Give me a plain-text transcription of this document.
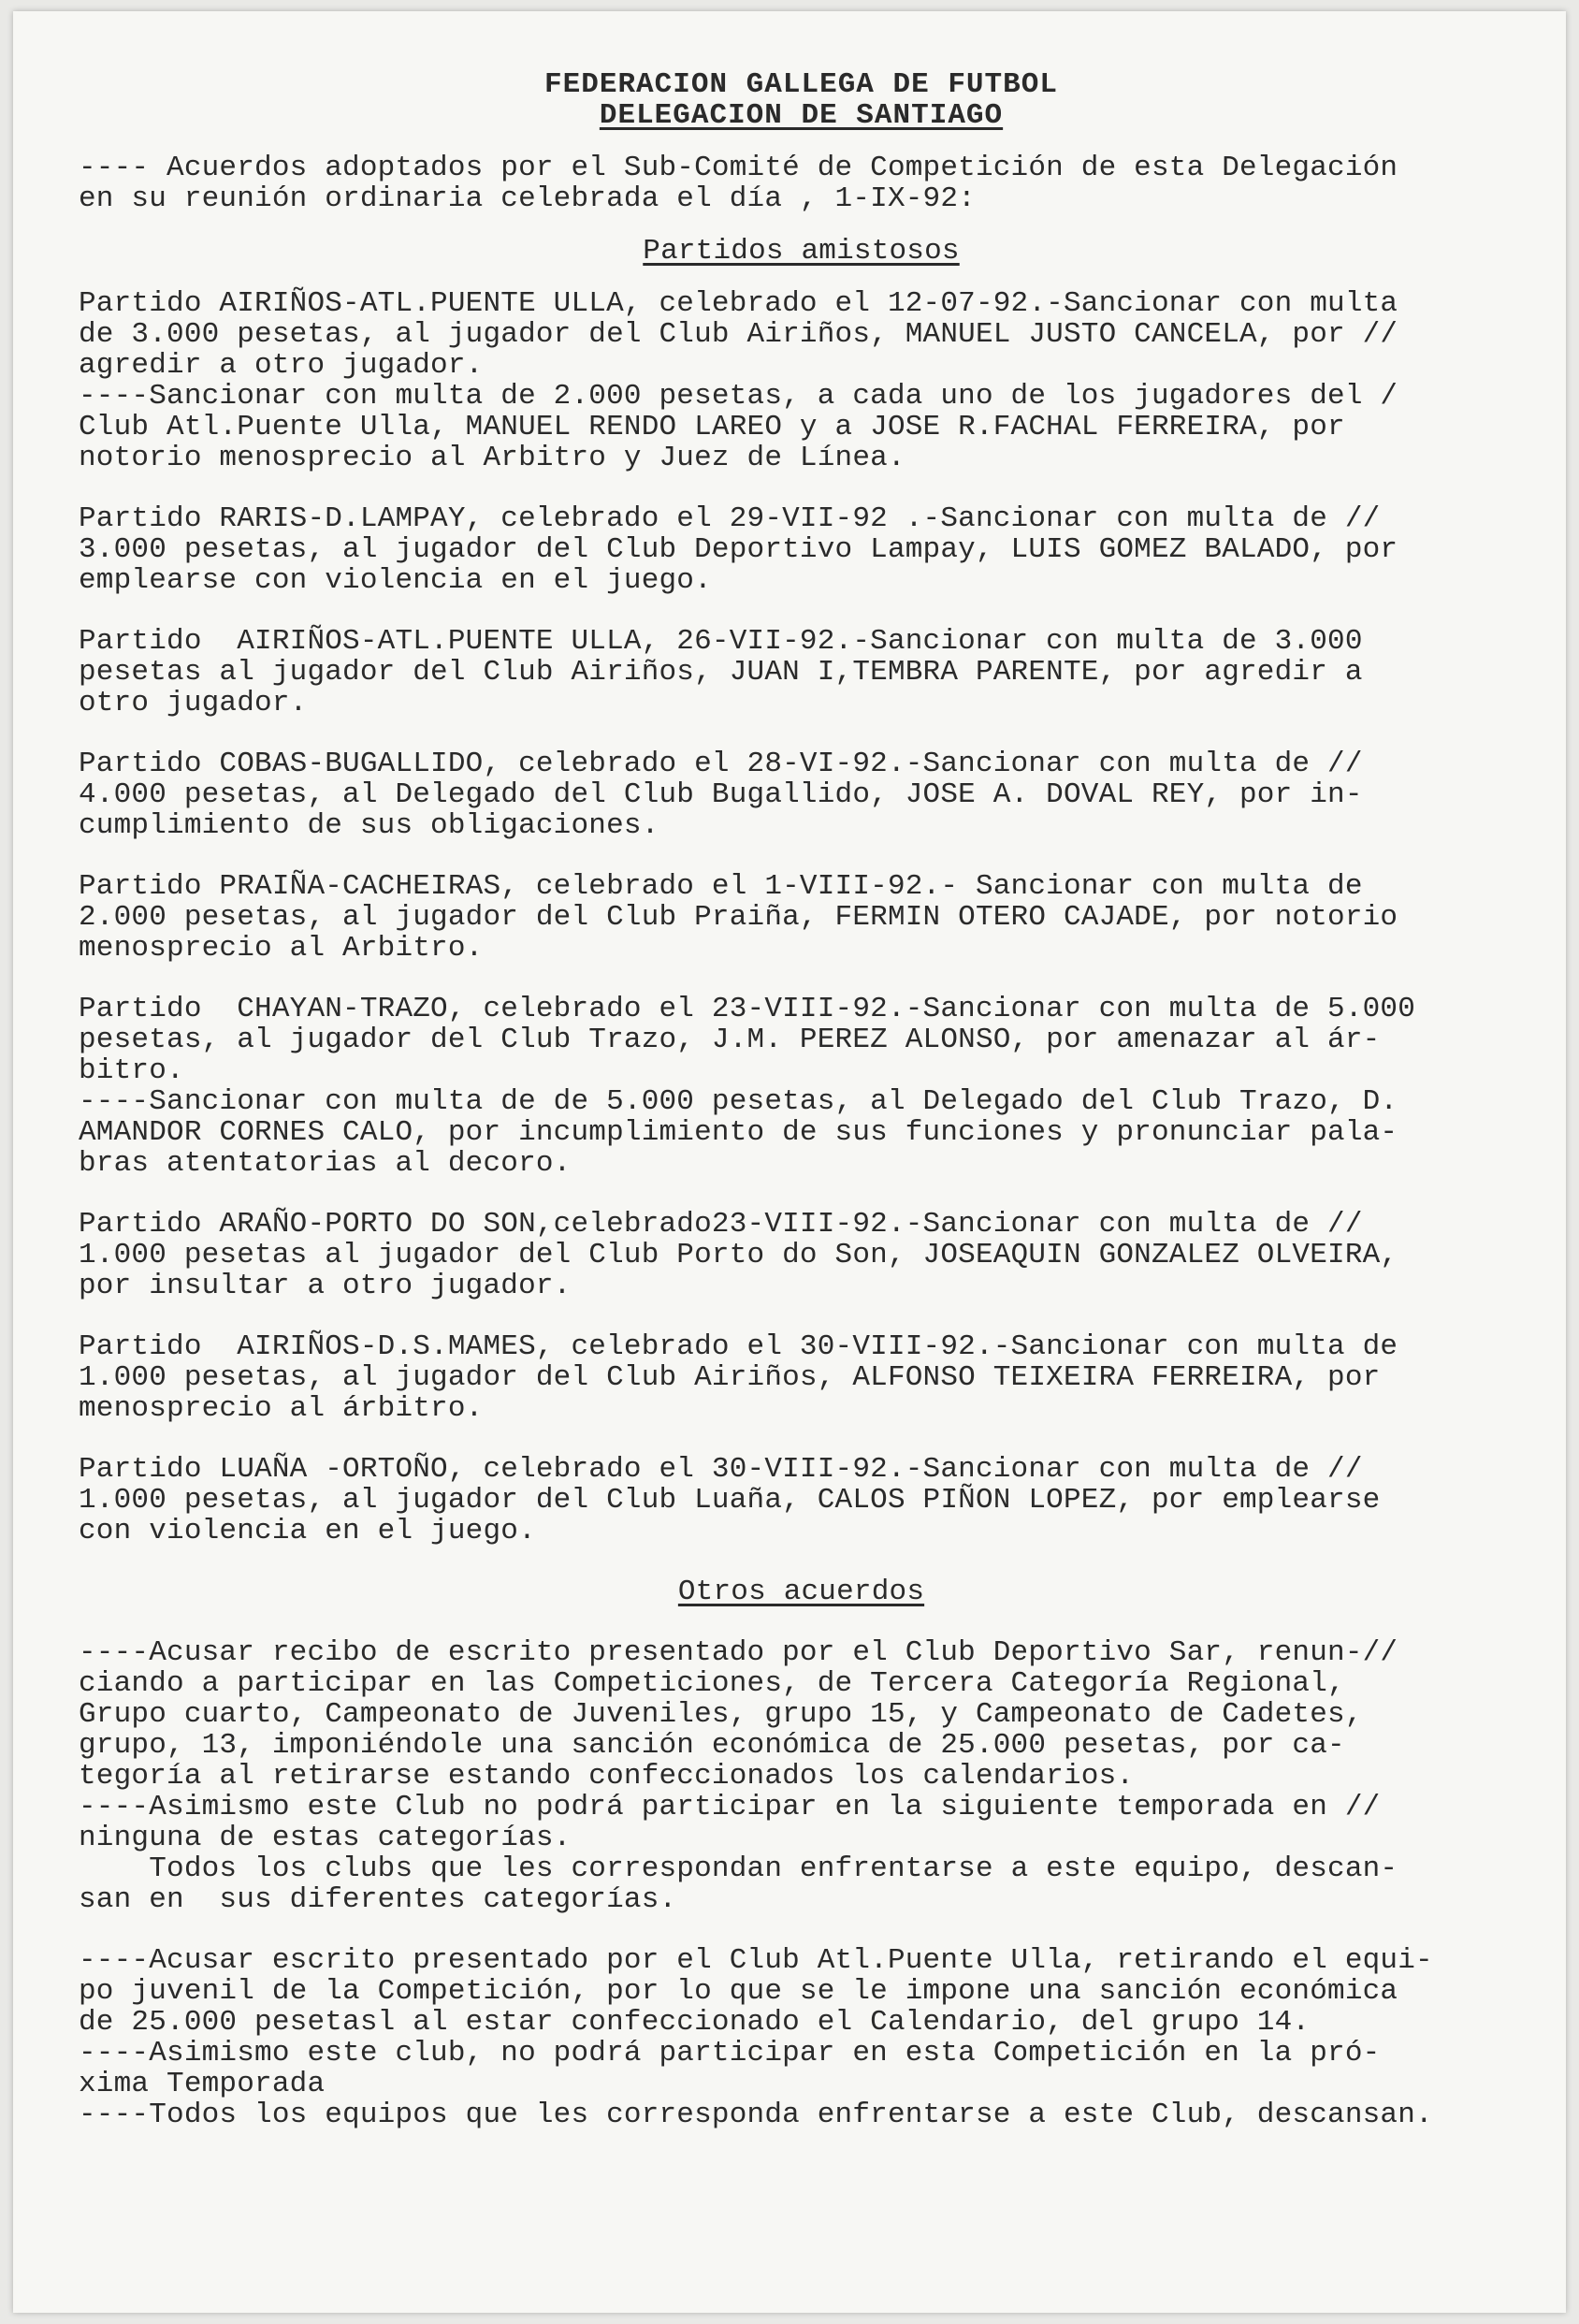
FEDERACION GALLEGA DE FUTBOL
DELEGACION DE SANTIAGO

---- Acuerdos adoptados por el Sub-Comité de Competición de esta Delegación
en su reunión ordinaria celebrada el día , 1-IX-92:

Partidos amistosos

Partido AIRIÑOS-ATL.PUENTE ULLA, celebrado el 12-07-92.-Sancionar con multa
de 3.000 pesetas, al jugador del Club Airiños, MANUEL JUSTO CANCELA, por //
agredir a otro jugador.
----Sancionar con multa de 2.000 pesetas, a cada uno de los jugadores del /
Club Atl.Puente Ulla, MANUEL RENDO LAREO y a JOSE R.FACHAL FERREIRA, por
notorio menosprecio al Arbitro y Juez de Línea.

Partido RARIS-D.LAMPAY, celebrado el 29-VII-92 .-Sancionar con multa de //
3.000 pesetas, al jugador del Club Deportivo Lampay, LUIS GOMEZ BALADO, por
emplearse con violencia en el juego.

Partido  AIRIÑOS-ATL.PUENTE ULLA, 26-VII-92.-Sancionar con multa de 3.000
pesetas al jugador del Club Airiños, JUAN I,TEMBRA PARENTE, por agredir a
otro jugador.

Partido COBAS-BUGALLIDO, celebrado el 28-VI-92.-Sancionar con multa de //
4.000 pesetas, al Delegado del Club Bugallido, JOSE A. DOVAL REY, por in-
cumplimiento de sus obligaciones.

Partido PRAIÑA-CACHEIRAS, celebrado el 1-VIII-92.- Sancionar con multa de
2.000 pesetas, al jugador del Club Praiña, FERMIN OTERO CAJADE, por notorio
menosprecio al Arbitro.

Partido  CHAYAN-TRAZO, celebrado el 23-VIII-92.-Sancionar con multa de 5.000
pesetas, al jugador del Club Trazo, J.M. PEREZ ALONSO, por amenazar al ár-
bitro.
----Sancionar con multa de de 5.000 pesetas, al Delegado del Club Trazo, D.
AMANDOR CORNES CALO, por incumplimiento de sus funciones y pronunciar pala-
bras atentatorias al decoro.

Partido ARAÑO-PORTO DO SON,celebrado23-VIII-92.-Sancionar con multa de //
1.000 pesetas al jugador del Club Porto do Son, JOSEAQUIN GONZALEZ OLVEIRA,
por insultar a otro jugador.

Partido  AIRIÑOS-D.S.MAMES, celebrado el 30-VIII-92.-Sancionar con multa de
1.000 pesetas, al jugador del Club Airiños, ALFONSO TEIXEIRA FERREIRA, por
menosprecio al árbitro.

Partido LUAÑA -ORTOÑO, celebrado el 30-VIII-92.-Sancionar con multa de //
1.000 pesetas, al jugador del Club Luaña, CALOS PIÑON LOPEZ, por emplearse
con violencia en el juego.

Otros acuerdos

----Acusar recibo de escrito presentado por el Club Deportivo Sar, renun-//
ciando a participar en las Competiciones, de Tercera Categoría Regional,
Grupo cuarto, Campeonato de Juveniles, grupo 15, y Campeonato de Cadetes,
grupo, 13, imponiéndole una sanción económica de 25.000 pesetas, por ca-
tegoría al retirarse estando confeccionados los calendarios.
----Asimismo este Club no podrá participar en la siguiente temporada en //
ninguna de estas categorías.
Todos los clubs que les correspondan enfrentarse a este equipo, descan-
san en  sus diferentes categorías.

----Acusar escrito presentado por el Club Atl.Puente Ulla, retirando el equi-
po juvenil de la Competición, por lo que se le impone una sanción económica
de 25.000 pesetasl al estar confeccionado el Calendario, del grupo 14.
----Asimismo este club, no podrá participar en esta Competición en la pró-
xima Temporada
----Todos los equipos que les corresponda enfrentarse a este Club, descansan.
